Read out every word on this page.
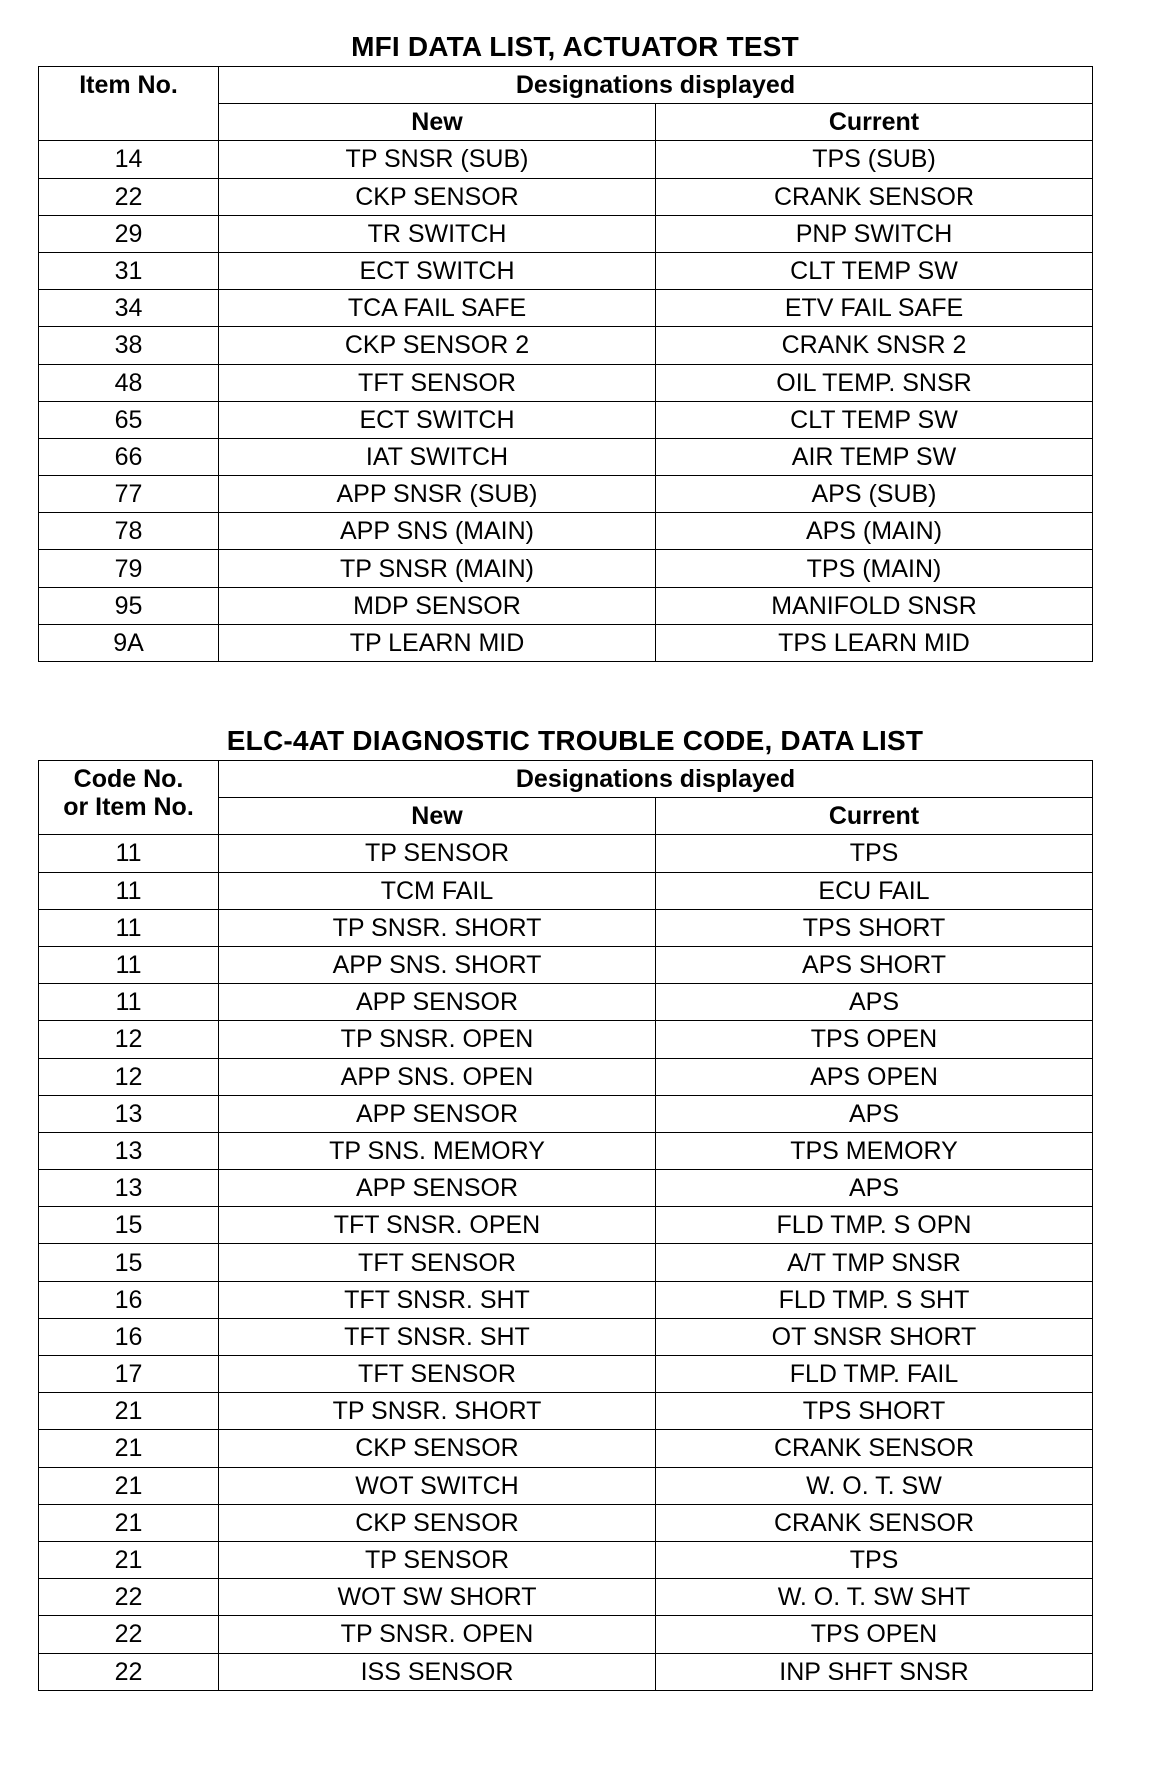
MFI DATA LIST, ACTUATOR TEST
Item No.	Designations displayed	
	New	Current
14	TP SNSR (SUB)	TPS (SUB)
22	CKP SENSOR	CRANK SENSOR
29	TR SWITCH	PNP SWITCH
31	ECT SWITCH	CLT TEMP SW
34	TCA FAIL SAFE	ETV FAIL SAFE
38	CKP SENSOR 2	CRANK SNSR 2
48	TFT SENSOR	OIL TEMP. SNSR
65	ECT SWITCH	CLT TEMP SW
66	IAT SWITCH	AIR TEMP SW
77	APP SNSR (SUB)	APS (SUB)
78	APP SNS (MAIN)	APS (MAIN)
79	TP SNSR (MAIN)	TPS (MAIN)
95	MDP SENSOR	MANIFOLD SNSR
9A	TP LEARN MID	TPS LEARN MID
ELC-4AT DIAGNOSTIC TROUBLE CODE, DATA LIST
Code No.
or Item No.	Designations displayed	
	New	Current
11	TP SENSOR	TPS
11	TCM FAIL	ECU FAIL
11	TP SNSR. SHORT	TPS SHORT
11	APP SNS. SHORT	APS SHORT
11	APP SENSOR	APS
12	TP SNSR. OPEN	TPS OPEN
12	APP SNS. OPEN	APS OPEN
13	APP SENSOR	APS
13	TP SNS. MEMORY	TPS MEMORY
13	APP SENSOR	APS
15	TFT SNSR. OPEN	FLD TMP. S OPN
15	TFT SENSOR	A/T TMP SNSR
16	TFT SNSR. SHT	FLD TMP. S SHT
16	TFT SNSR. SHT	OT SNSR SHORT
17	TFT SENSOR	FLD TMP. FAIL
21	TP SNSR. SHORT	TPS SHORT
21	CKP SENSOR	CRANK SENSOR
21	WOT SWITCH	W. O. T. SW
21	CKP SENSOR	CRANK SENSOR
21	TP SENSOR	TPS
22	WOT SW SHORT	W. O. T. SW SHT
22	TP SNSR. OPEN	TPS OPEN
22	ISS SENSOR	INP SHFT SNSR
